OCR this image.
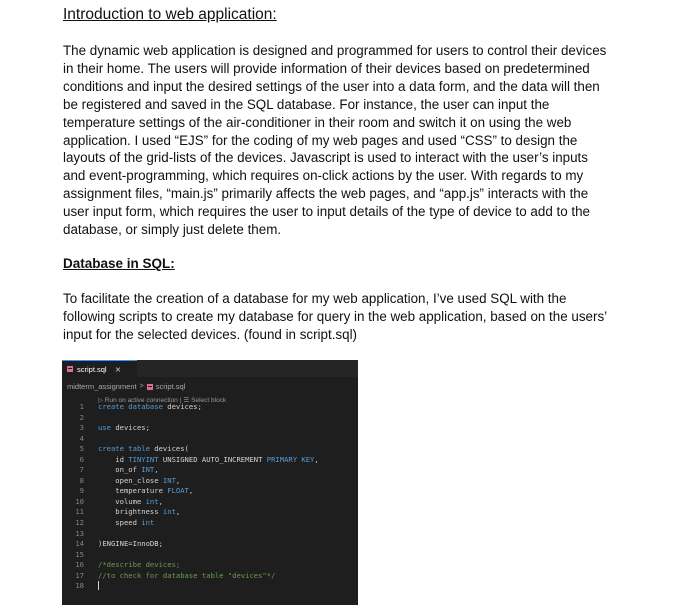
Introduction to web application:
The dynamic web application is designed and programmed for users to control their devices
in their home. The users will provide information of their devices based on predetermined
conditions and input the desired settings of the user into a data form, and the data will then
be registered and saved in the SQL database. For instance, the user can input the
temperature settings of the air-conditioner in their room and switch it on using the web
application. I used “EJS” for the coding of my web pages and used “CSS” to design the
layouts of the grid-lists of the devices. Javascript is used to interact with the user’s inputs
and event-programming, which requires on-click actions by the user. With regards to my
assignment files, “main.js” primarily affects the web pages, and “app.js” interacts with the
user input form, which requires the user to input details of the type of device to add to the
database, or simply just delete them.
Database in SQL:
To facilitate the creation of a database for my web application, I’ve used SQL with the
following scripts to create my database for query in the web application, based on the users’
input for the selected devices. (found in script.sql)
script.sql ×
midterm_assignment > script.sql
▷ Run on active connection | ☰ Select block
1	create database devices;
2
3	use devices;
4
5	create table devices(
6	id TINYINT UNSIGNED AUTO_INCREMENT PRIMARY KEY ,
7	on_of INT ,
8	open_close INT ,
9	temperature FLOAT ,
10	volume int ,
11	brightness int ,
12	speed int
13
14	)ENGINE=InnoDB;
15
16	/*describe devices;
17	//to check for database table "devices"*/
18
